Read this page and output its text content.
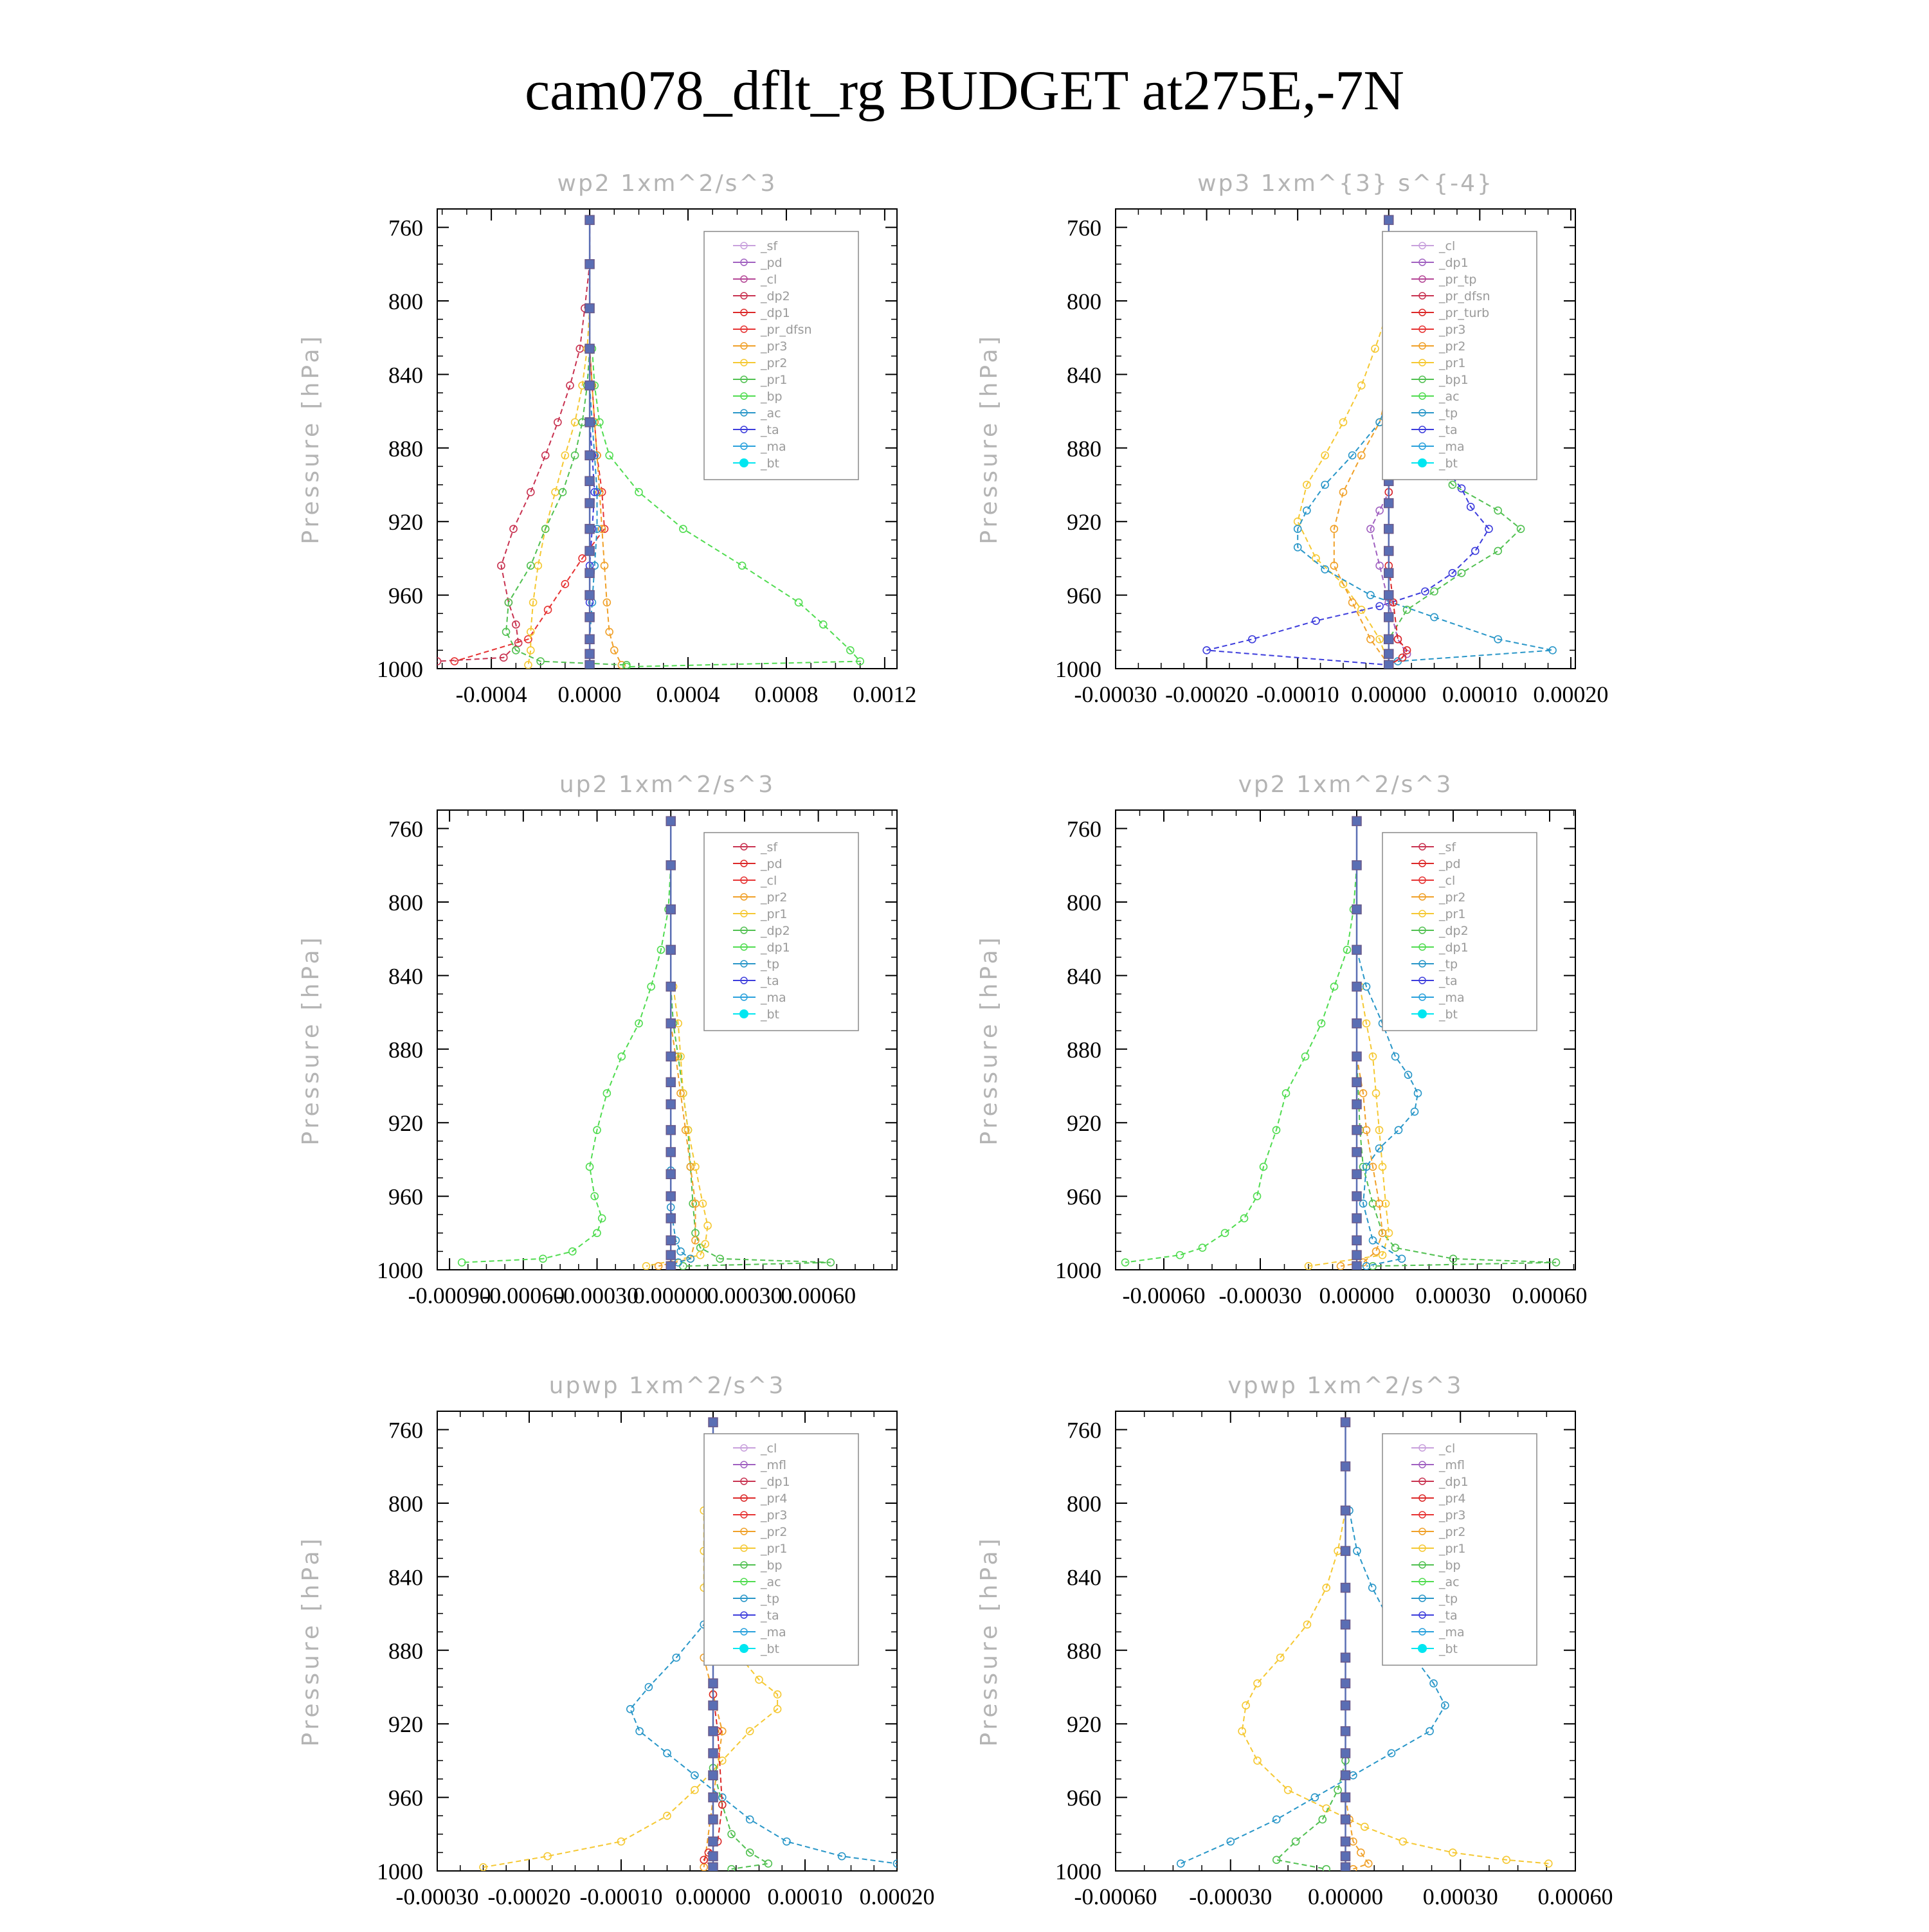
cam078_dflt_rg BUDGET at275E,-7N
wp2 1xm^2/s^3
Pressure [hPa]
760
800
840
880
920
960
1000
-0.0004 0.0000 0.0004 0.0008 0.0012
_sf
_pd
_cl
_dp2
_dp1
_pr_dfsn
_pr3
_pr2
_pr1
_bp
_ac
_ta
_ma
_bt
wp3 1xm^{3} s^{-4}
Pressure [hPa]
760
800
840
880
920
960
1000
-0.00030 -0.00020 -0.00010 0.00000 0.00010 0.00020
_cl
_dp1
_pr_tp
_pr_dfsn
_pr_turb
_pr3
_pr2
_pr1
_bp1
_ac
_tp
_ta
_ma
_bt
up2 1xm^2/s^3
Pressure [hPa]
760
800
840
880
920
960
1000
-0.00090
-0.00060
-0.00030
0.00000
0.00030
0.00060
_sf
_pd
_cl
_pr2
_pr1
_dp2
_dp1
_tp
_ta
_ma
_bt
vp2 1xm^2/s^3
Pressure [hPa]
760
800
840
880
920
960
1000
-0.00060 -0.00030 0.00000 0.00030 0.00060
_sf
_pd
_cl
_pr2
_pr1
_dp2
_dp1
_tp
_ta
_ma
_bt
upwp 1xm^2/s^3
Pressure [hPa]
760
800
840
880
920
960
1000
-0.00030 -0.00020 -0.00010 0.00000 0.00010 0.00020
_cl
_mfl
_dp1
_pr4
_pr3
_pr2
_pr1
_bp
_ac
_tp
_ta
_ma
_bt
vpwp 1xm^2/s^3
Pressure [hPa]
760
800
840
880
920
960
1000
-0.00060 -0.00030 0.00000 0.00030 0.00060
_cl
_mfl
_dp1
_pr4
_pr3
_pr2
_pr1
_bp
_ac
_tp
_ta
_ma
_bt
